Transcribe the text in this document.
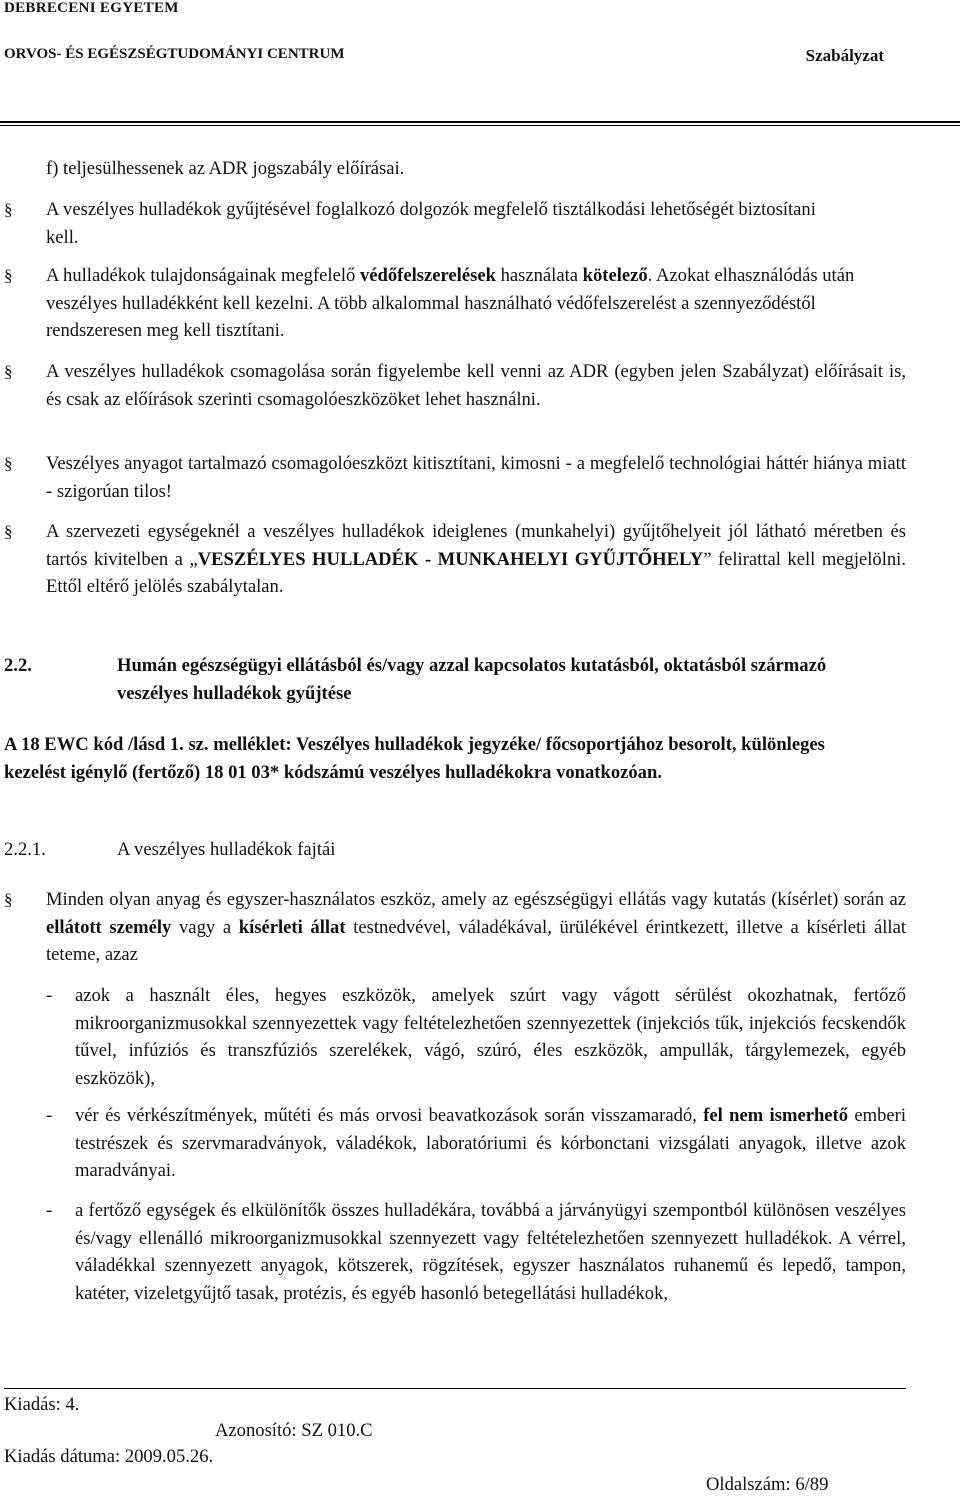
DEBRECENI EGYETEM
ORVOS- ÉS EGÉSZSÉGTUDOMÁNYI CENTRUM	Szabályzat

f) teljesülhessenek az ADR jogszabály előírásai.

§ A veszélyes hulladékok gyűjtésével foglalkozó dolgozók megfelelő tisztálkodási lehetőségét biztosítani kell.

§ A hulladékok tulajdonságainak megfelelő védőfelszerelések használata kötelező. Azokat elhasználódás után veszélyes hulladékként kell kezelni. A több alkalommal használható védőfelszerelést a szennyeződéstől rendszeresen meg kell tisztítani.

§ A veszélyes hulladékok csomagolása során figyelembe kell venni az ADR (egyben jelen Szabályzat) előírásait is, és csak az előírások szerinti csomagolóeszközöket lehet használni.

§ Veszélyes anyagot tartalmazó csomagolóeszközt kitisztítani, kimosni - a megfelelő technológiai háttér hiánya miatt - szigorúan tilos!

§ A szervezeti egységeknél a veszélyes hulladékok ideiglenes (munkahelyi) gyűjtőhelyeit jól látható méretben és tartós kivitelben a „VESZÉLYES HULLADÉK - MUNKAHELYI GYŰJTŐHELY” felirattal kell megjelölni. Ettől eltérő jelölés szabálytalan.

2.2.	Humán egészségügyi ellátásból és/vagy azzal kapcsolatos kutatásból, oktatásból származó veszélyes hulladékok gyűjtése

A 18 EWC kód /lásd 1. sz. melléklet: Veszélyes hulladékok jegyzéke/ főcsoportjához besorolt, különleges kezelést igénylő (fertőző) 18 01 03* kódszámú veszélyes hulladékokra vonatkozóan.

2.2.1.	A veszélyes hulladékok fajtái

§ Minden olyan anyag és egyszer-használatos eszköz, amely az egészségügyi ellátás vagy kutatás (kísérlet) során az ellátott személy vagy a kísérleti állat testnedvével, váladékával, ürülékével érintkezett, illetve a kísérleti állat teteme, azaz

- azok a használt éles, hegyes eszközök, amelyek szúrt vagy vágott sérülést okozhatnak, fertőző mikroorganizmusokkal szennyezettek vagy feltételezhetően szennyezettek (injekciós tűk, injekciós fecskendők tűvel, infúziós és transzfúziós szerelékek, vágó, szúró, éles eszközök, ampullák, tárgylemezek, egyéb eszközök),

- vér és vérkészítmények, műtéti és más orvosi beavatkozások során visszamaradó, fel nem ismerhető emberi testrészek és szervmaradványok, váladékok, laboratóriumi és kórbonctani vizsgálati anyagok, illetve azok maradványai.

- a fertőző egységek és elkülönítők összes hulladékára, továbbá a járványügyi szempontból különösen veszélyes és/vagy ellenálló mikroorganizmusokkal szennyezett vagy feltételezhetően szennyezett hulladékok. A vérrel, váladékkal szennyezett anyagok, kötszerek, rögzítések, egyszer használatos ruhanemű és lepedő, tampon, katéter, vizeletgyűjtő tasak, protézis, és egyéb hasonló betegellátási hulladékok,

Kiadás: 4.
Azonosító: SZ 010.C
Kiadás dátuma: 2009.05.26.
Oldalszám: 6/89
